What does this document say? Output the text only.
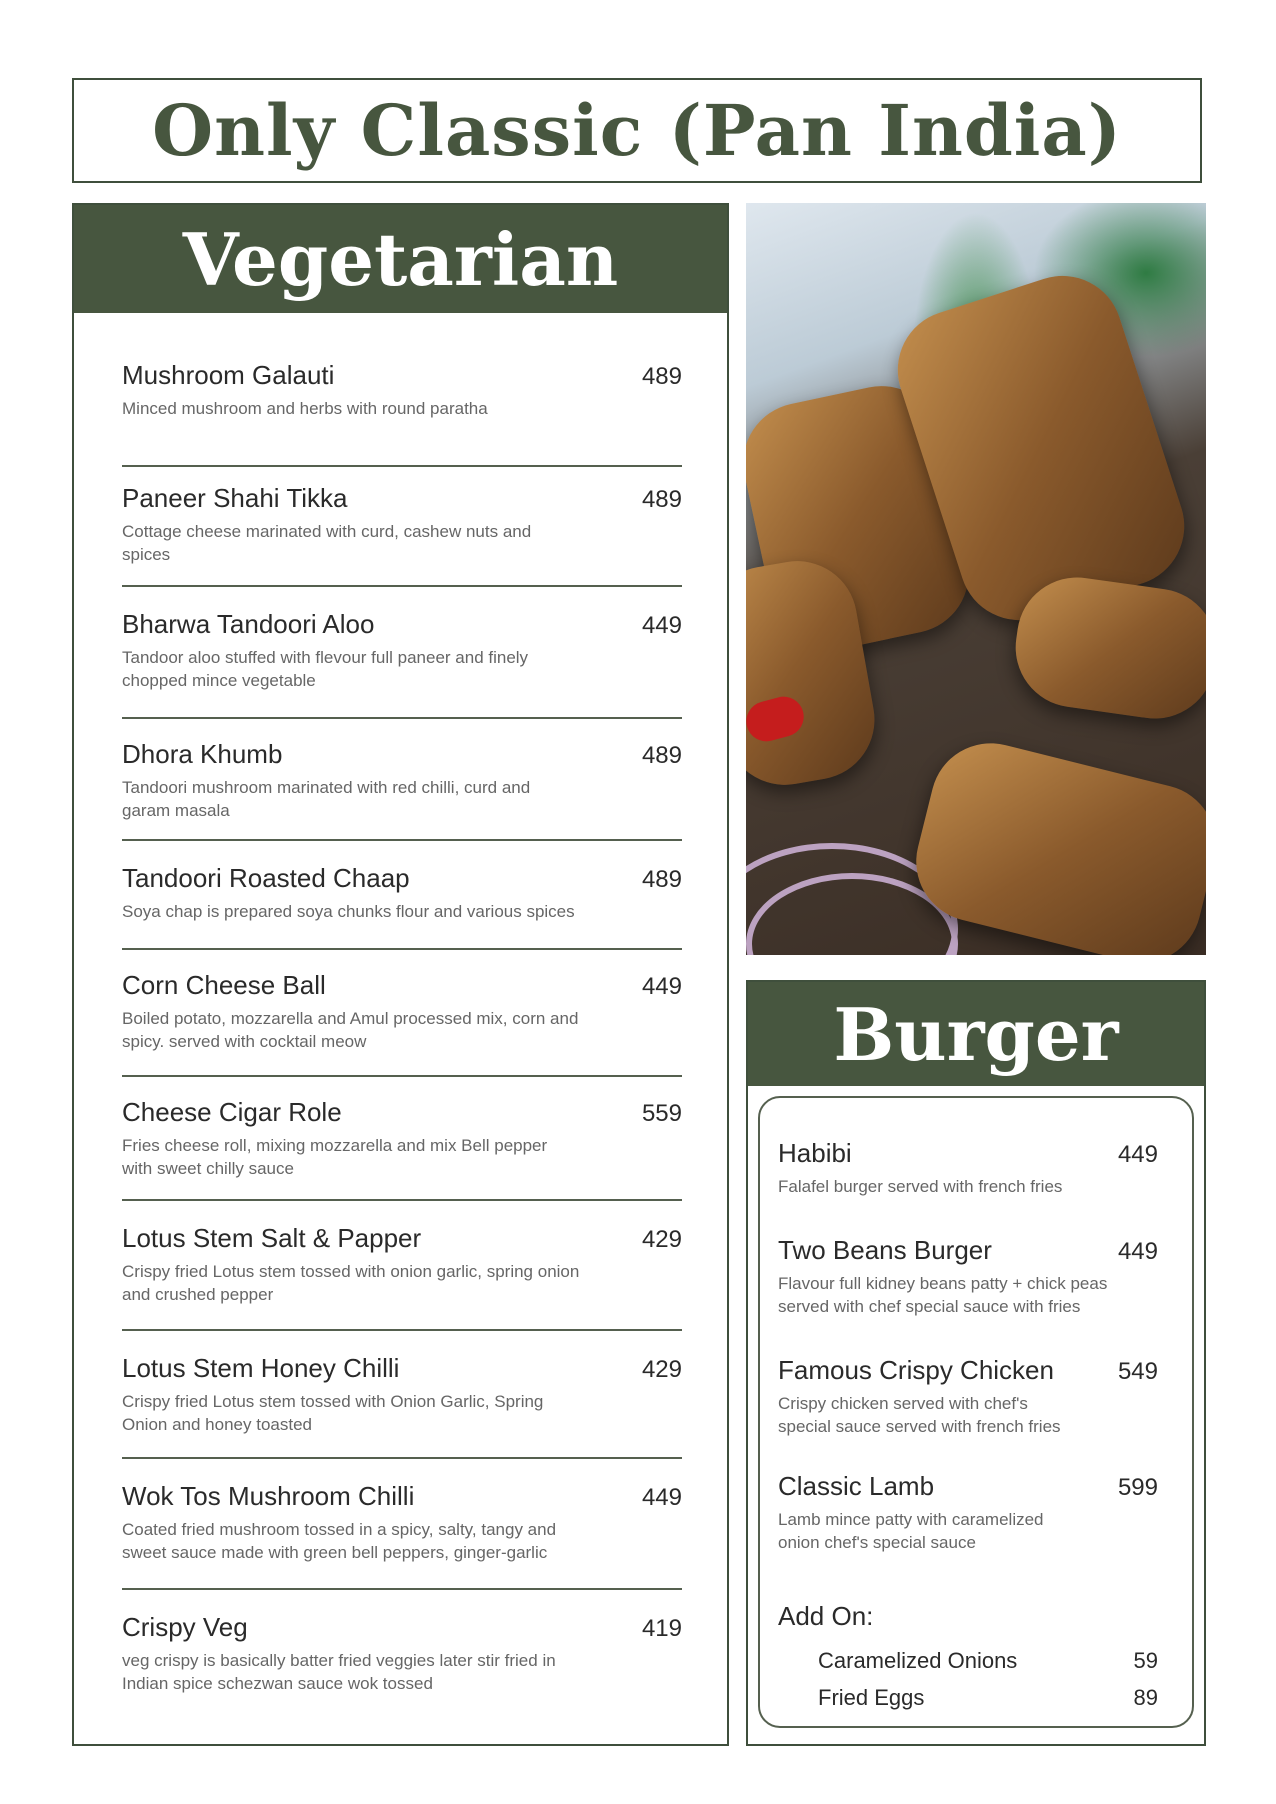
Only Classic (Pan India)
Vegetarian
Mushroom Galauti	489
Minced mushroom and herbs with round paratha
Paneer Shahi Tikka	489
Cottage cheese marinated with curd, cashew nuts and spices
Bharwa Tandoori Aloo	449
Tandoor aloo stuffed with flevour full paneer and finely chopped mince vegetable
Dhora Khumb	489
Tandoori mushroom marinated with red chilli, curd and garam masala
Tandoori Roasted Chaap	489
Soya chap is prepared soya chunks flour and various spices
Corn Cheese Ball	449
Boiled potato, mozzarella and Amul processed mix, corn and spicy. served with cocktail meow
Cheese Cigar Role	559
Fries cheese roll, mixing mozzarella and mix Bell pepper with sweet chilly sauce
Lotus Stem Salt & Papper	429
Crispy fried Lotus stem tossed with onion garlic, spring onion and crushed pepper
Lotus Stem Honey Chilli	429
Crispy fried Lotus stem tossed with Onion Garlic, Spring Onion and honey toasted
Wok Tos Mushroom Chilli	449
Coated fried mushroom tossed in a spicy, salty, tangy and sweet sauce made with green bell peppers, ginger-garlic
Crispy Veg	419
veg crispy is basically batter fried veggies later stir fried in Indian spice schezwan sauce wok tossed
Burger
Habibi	449
Falafel burger served with french fries
Two Beans Burger	449
Flavour full kidney beans patty + chick peas served with chef special sauce with fries
Famous Crispy Chicken	549
Crispy chicken served with chef's special sauce served with french fries
Classic Lamb	599
Lamb mince patty with caramelized onion chef's special sauce
Add On:
Caramelized Onions	59
Fried Eggs	89
